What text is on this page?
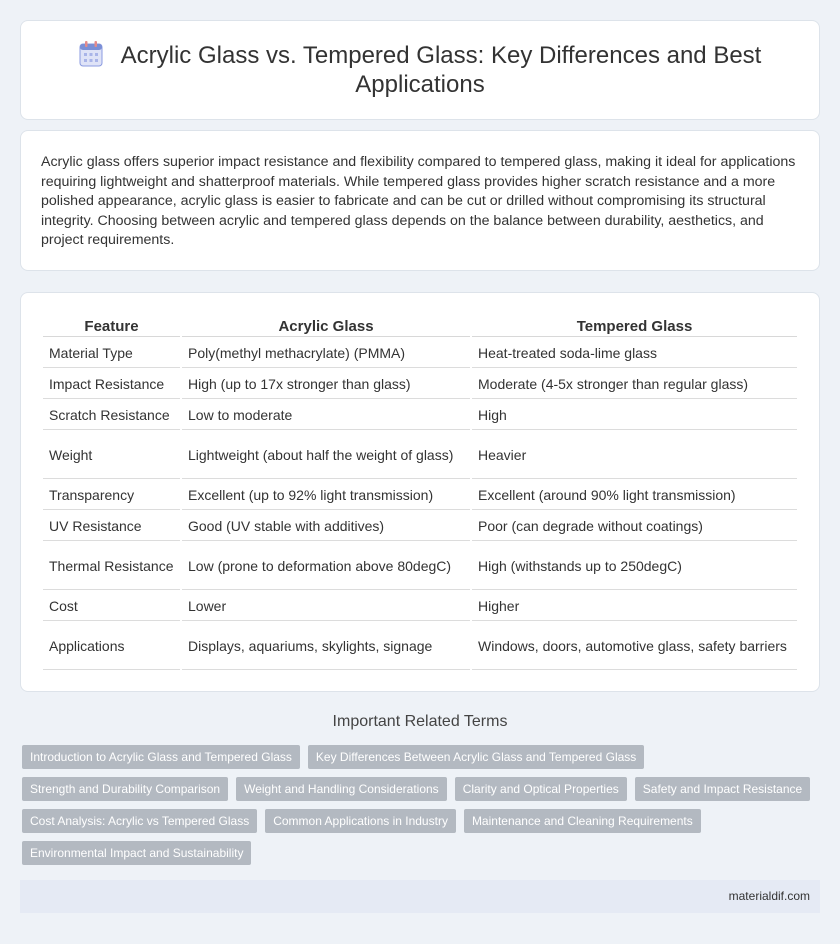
Acrylic Glass vs. Tempered Glass: Key Differences and Best Applications

Acrylic glass offers superior impact resistance and flexibility compared to tempered glass, making it ideal for applications requiring lightweight and shatterproof materials. While tempered glass provides higher scratch resistance and a more polished appearance, acrylic glass is easier to fabricate and can be cut or drilled without compromising its structural integrity. Choosing between acrylic and tempered glass depends on the balance between durability, aesthetics, and project requirements.

Feature	Acrylic Glass	Tempered Glass
Material Type	Poly(methyl methacrylate) (PMMA)	Heat-treated soda-lime glass
Impact Resistance	High (up to 17x stronger than glass)	Moderate (4-5x stronger than regular glass)
Scratch Resistance	Low to moderate	High
Weight	Lightweight (about half the weight of glass)	Heavier
Transparency	Excellent (up to 92% light transmission)	Excellent (around 90% light transmission)
UV Resistance	Good (UV stable with additives)	Poor (can degrade without coatings)
Thermal Resistance	Low (prone to deformation above 80degC)	High (withstands up to 250degC)
Cost	Lower	Higher
Applications	Displays, aquariums, skylights, signage	Windows, doors, automotive glass, safety barriers
Important Related Terms
Introduction to Acrylic Glass and Tempered Glass	Key Differences Between Acrylic Glass and Tempered Glass
Strength and Durability Comparison	Weight and Handling Considerations	Clarity and Optical Properties	Safety and Impact Resistance
Cost Analysis: Acrylic vs Tempered Glass	Common Applications in Industry	Maintenance and Cleaning Requirements
Environmental Impact and Sustainability
materialdif.com
